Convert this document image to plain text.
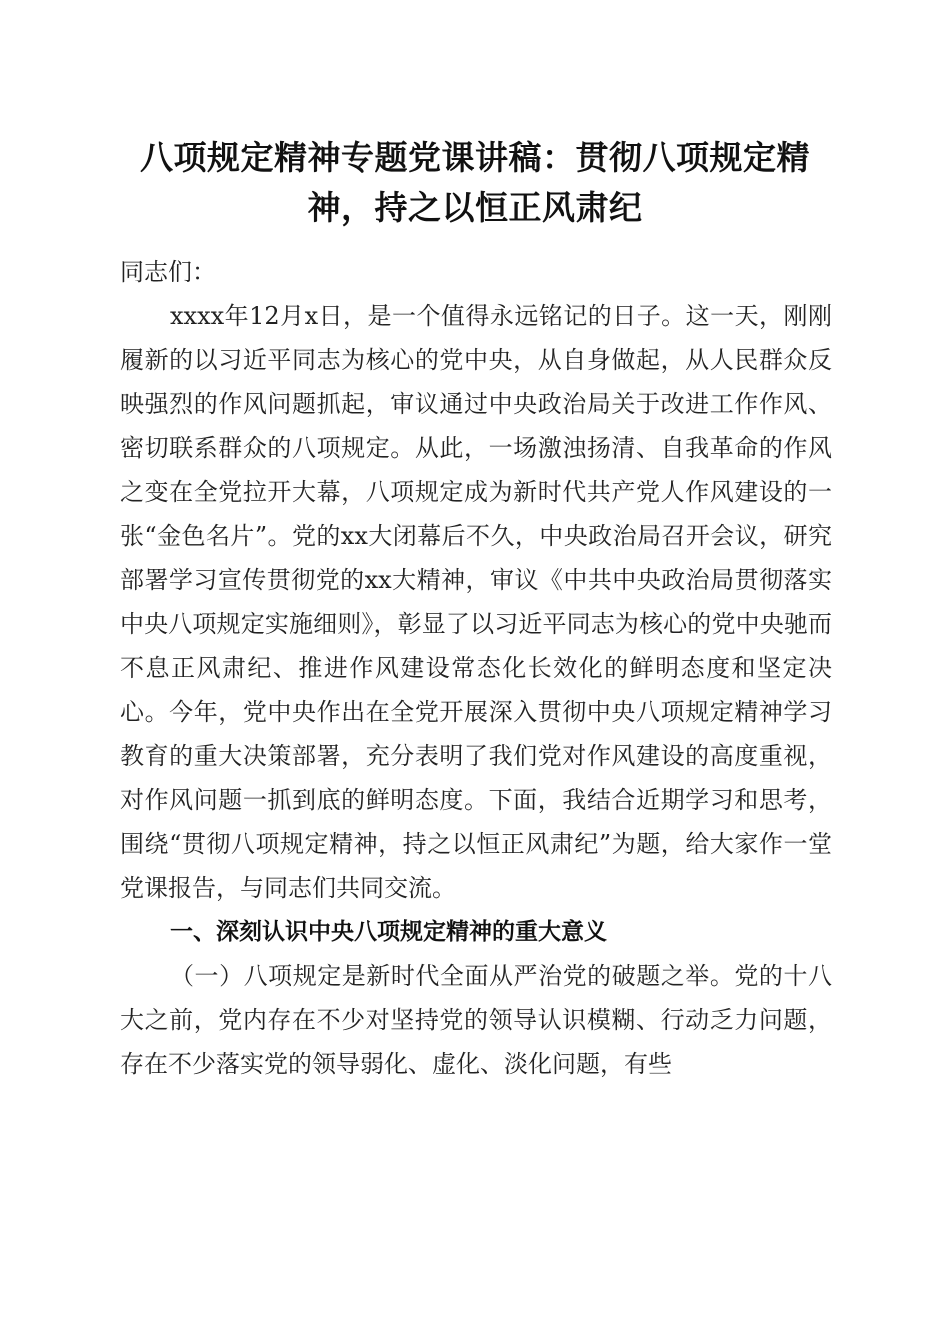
八项规定精神专题党课讲稿：贯彻八项规定精
神，持之以恒正风肃纪

同志们：

xxxx年12月x日，是一个值得永远铭记的日子。这一天，刚刚履新的以习近平同志为核心的党中央，从自身做起，从人民群众反映强烈的作风问题抓起，审议通过中央政治局关于改进工作作风、密切联系群众的八项规定。从此，一场激浊扬清、自我革命的作风之变在全党拉开大幕，八项规定成为新时代共产党人作风建设的一张“金色名片”。党的xx大闭幕后不久，中央政治局召开会议，研究部署学习宣传贯彻党的xx大精神，审议《中共中央政治局贯彻落实中央八项规定实施细则》，彰显了以习近平同志为核心的党中央驰而不息正风肃纪、推进作风建设常态化长效化的鲜明态度和坚定决心。今年，党中央作出在全党开展深入贯彻中央八项规定精神学习教育的重大决策部署，充分表明了我们党对作风建设的高度重视，对作风问题一抓到底的鲜明态度。下面，我结合近期学习和思考，围绕“贯彻八项规定精神，持之以恒正风肃纪”为题，给大家作一堂党课报告，与同志们共同交流。

一、深刻认识中央八项规定精神的重大意义

（一）八项规定是新时代全面从严治党的破题之举。党的十八大之前，党内存在不少对坚持党的领导认识模糊、行动乏力问题，存在不少落实党的领导弱化、虚化、淡化问题，有些
